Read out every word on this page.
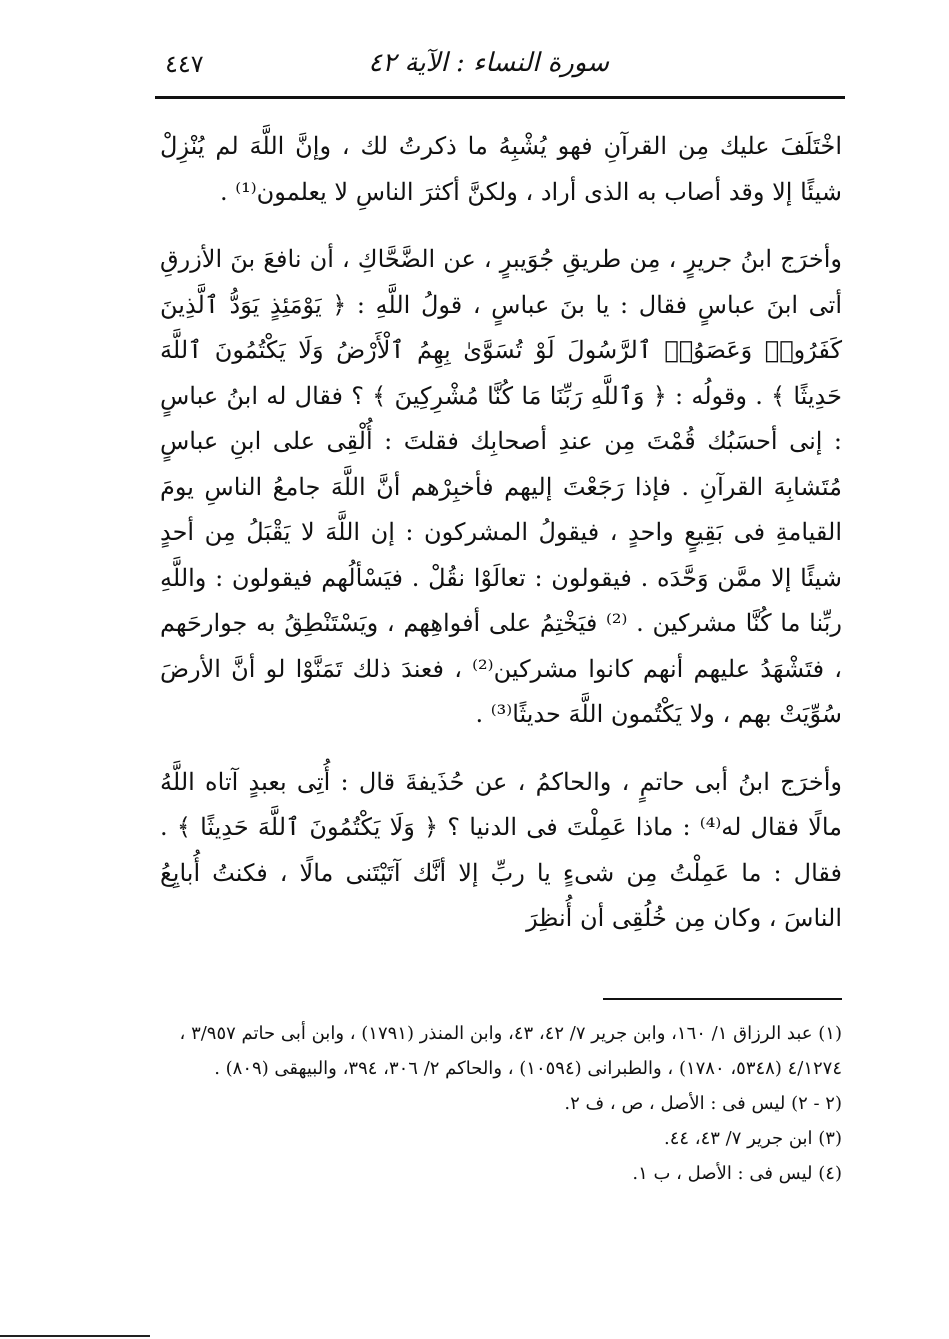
سورة النساء : الآية ٤٢
٤٤٧

اخْتَلَفَ عليك مِن القرآنِ فهو يُشْبِهُ ما ذكرتُ لك ، وإنَّ اللَّهَ لم يُنْزِلْ شيئًا إلا وقد أصاب به الذى أراد ، ولكنَّ أكثرَ الناسِ لا يعلمون⁽¹⁾ .

وأخرَج ابنُ جريرٍ ، مِن طريقِ جُوَيبرٍ ، عن الضَّحَّاكِ ، أن نافعَ بنَ الأزرقِ أتى ابنَ عباسٍ فقال : يا بنَ عباسٍ ، قولُ اللَّهِ : ﴿ يَوْمَئِذٍ يَوَدُّ ٱلَّذِينَ كَفَرُوا۟ وَعَصَوُا۟ ٱلرَّسُولَ لَوْ تُسَوَّىٰ بِهِمُ ٱلْأَرْضُ وَلَا يَكْتُمُونَ ٱللَّهَ حَدِيثًا ﴾ . وقولُه : ﴿ وَٱللَّهِ رَبِّنَا مَا كُنَّا مُشْرِكِينَ ﴾ ؟ فقال له ابنُ عباسٍ : إنى أحسَبُك قُمْتَ مِن عندِ أصحابِك فقلتَ : أُلْقِى على ابنِ عباسٍ مُتَشابِهَ القرآنِ . فإذا رَجَعْتَ إليهم فأخبِرْهم أنَّ اللَّهَ جامعُ الناسِ يومَ القيامةِ فى بَقِيعٍ واحدٍ ، فيقولُ المشركون : إن اللَّهَ لا يَقْبَلُ مِن أحدٍ شيئًا إلا ممَّن وَحَّدَه . فيقولون : تعالَوْا نقُلْ . فيَسْألُهم فيقولون : واللَّهِ ربِّنا ما كُنَّا مشركين . ⁽²⁾ فيَخْتِمُ على أفواهِهم ، ويَسْتَنْطِقُ به جوارحَهم ، فتَشْهَدُ عليهم أنهم كانوا مشركين⁽²⁾ ، فعندَ ذلك تَمَنَّوْا لو أنَّ الأرضَ سُوِّيَتْ بهم ، ولا يَكْتُمون اللَّهَ حديثًا⁽³⁾ .

وأخرَج ابنُ أبى حاتمٍ ، والحاكمُ ، عن حُذَيفةَ قال : أُتِى بعبدٍ آتاه اللَّهُ مالًا فقال له⁽⁴⁾ : ماذا عَمِلْتَ فى الدنيا ؟ ﴿ وَلَا يَكْتُمُونَ ٱللَّهَ حَدِيثًا ﴾ . فقال : ما عَمِلْتُ مِن شىءٍ يا ربِّ إلا أنَّك آتَيْتَنى مالًا ، فكنتُ أُبايِعُ الناسَ ، وكان مِن خُلُقِى أن أُنظِرَ

(١) عبد الرزاق ١/ ١٦٠، وابن جرير ٧/ ٤٢، ٤٣، وابن المنذر (١٧٩١) ، وابن أبى حاتم ٣/٩٥٧ ، ٤/١٢٧٤ (٥٣٤٨، ١٧٨٠) ، والطبرانى (١٠٥٩٤) ، والحاكم ٢/ ٣٠٦، ٣٩٤، والبيهقى (٨٠٩) .

(٢ - ٢) ليس فى : الأصل ، ص ، ف ٢.

(٣) ابن جرير ٧/ ٤٣، ٤٤.

(٤) ليس فى : الأصل ، ب ١.
